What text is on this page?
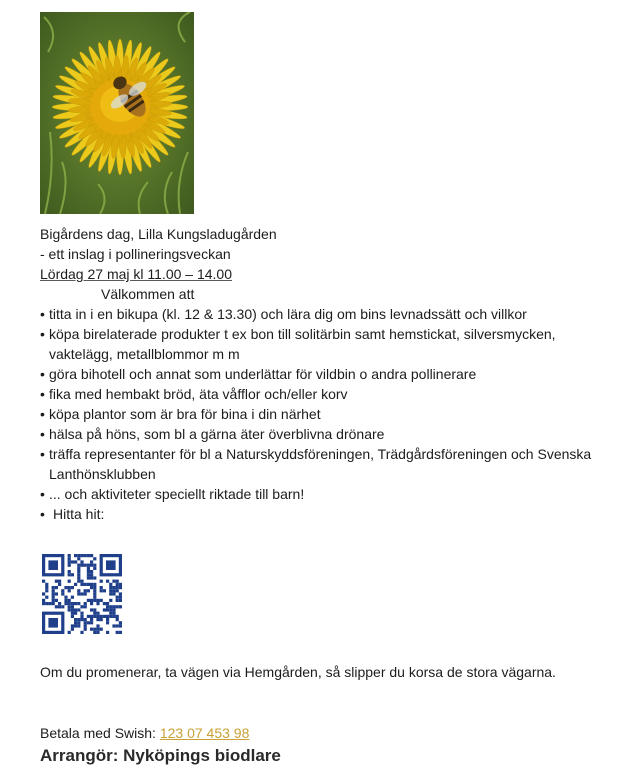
Bigårdens dag, Lilla Kungsladugården
- ett inslag i pollineringsveckan
Lördag 27 maj kl 11.00 – 14.00
Välkommen att
• titta in i en bikupa (kl. 12 & 13.30) och lära dig om bins levnadssätt och villkor
• köpa birelaterade produkter t ex bon till solitärbin samt hemstickat, silversmycken, vaktelägg, metallblommor m m
• göra bihotell och annat som underlättar för vildbin o andra pollinerare
• fika med hembakt bröd, äta våfflor och/eller korv
• köpa plantor som är bra för bina i din närhet
• hälsa på höns, som bl a gärna äter överblivna drönare
• träffa representanter för bl a Naturskyddsföreningen, Trädgårdsföreningen och Svenska Lanthönsklubben
• ... och aktiviteter speciellt riktade till barn!
• Hitta hit:
Om du promenerar, ta vägen via Hemgården, så slipper du korsa de stora vägarna.
Betala med Swish: 123 07 453 98
Arrangör: Nyköpings biodlare
